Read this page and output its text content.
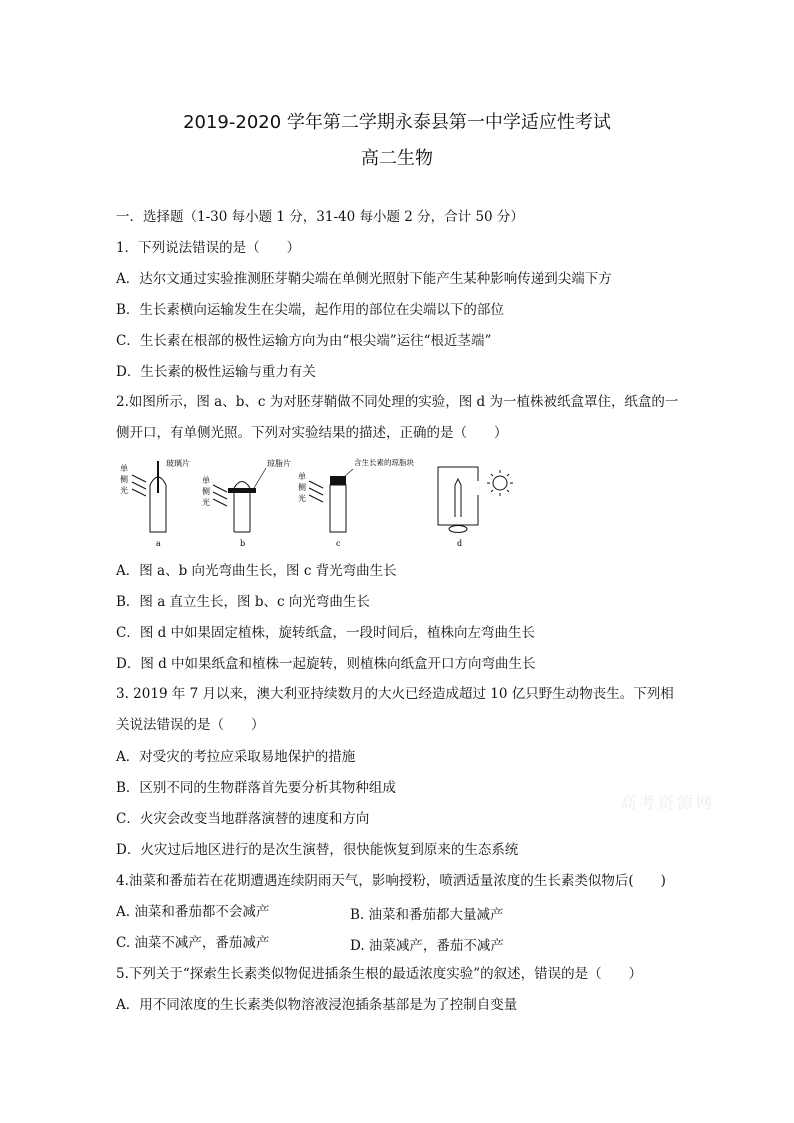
2019-2020 学年第二学期永泰县第一中学适应性考试
高二生物
一．选择题（1-30 每小题 1 分，31-40 每小题 2 分，合计 50 分）
1．下列说法错误的是（　　）
A．达尔文通过实验推测胚芽鞘尖端在单侧光照射下能产生某种影响传递到尖端下方
B．生长素横向运输发生在尖端，起作用的部位在尖端以下的部位
C．生长素在根部的极性运输方向为由“根尖端”运往“根近茎端”
D．生长素的极性运输与重力有关
2.如图所示，图 a、b、c 为对胚芽鞘做不同处理的实验，图 d 为一植株被纸盒罩住，纸盒的一侧开口，有单侧光照。下列对实验结果的描述，正确的是（　　）
单
侧
光
玻璃片
a
单
侧
光
琼脂片
b
单
侧
光
含生长素的琼脂块
c	d
A．图 a、b 向光弯曲生长，图 c 背光弯曲生长
B．图 a 直立生长，图 b、c 向光弯曲生长
C．图 d 中如果固定植株，旋转纸盒，一段时间后，植株向左弯曲生长
D．图 d 中如果纸盒和植株一起旋转，则植株向纸盒开口方向弯曲生长
3. 2019 年 7 月以来，澳大利亚持续数月的大火已经造成超过 10 亿只野生动物丧生。下列相关说法错误的是（　　）
A．对受灾的考拉应采取易地保护的措施
B．区别不同的生物群落首先要分析其物种组成
C．火灾会改变当地群落演替的速度和方向
D．火灾过后地区进行的是次生演替，很快能恢复到原来的生态系统
4.油菜和番茄若在花期遭遇连续阴雨天气，影响授粉，喷洒适量浓度的生长素类似物后(　　)
A. 油菜和番茄都不会减产	B. 油菜和番茄都大量减产
C. 油菜不减产，番茄减产	D. 油菜减产，番茄不减产
5.下列关于“探索生长素类似物促进插条生根的最适浓度实验”的叙述，错误的是（　　）
A．用不同浓度的生长素类似物溶液浸泡插条基部是为了控制自变量
高考资源网
